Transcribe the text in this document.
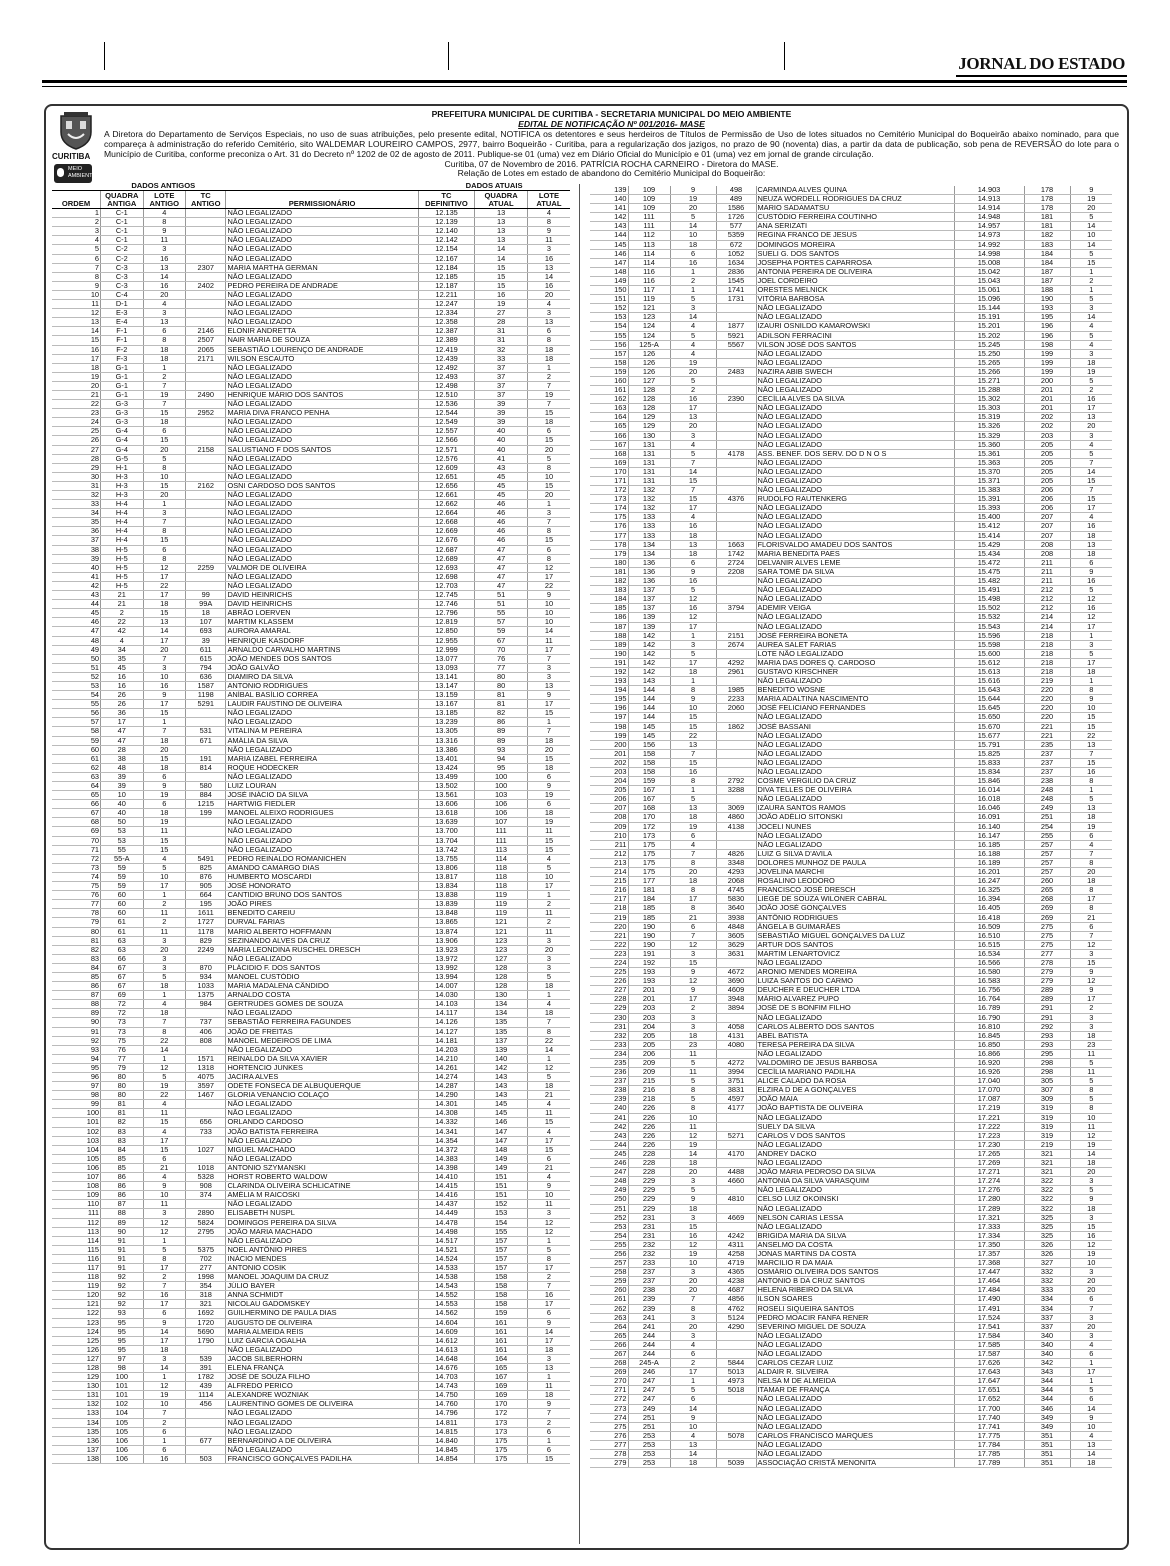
JORNAL DO ESTADO
CURITIBA
MEIO AMBIENTE
PREFEITURA MUNICIPAL DE CURITIBA - SECRETARIA MUNICIPAL DO MEIO AMBIENTE
EDITAL DE NOTIFICAÇÃO Nº 001/2016- MASE
A Diretora do Departamento de Serviços Especiais, no uso de suas atribuições, pelo presente edital, NOTIFICA os detentores e seus herdeiros de Títulos de Permissão de Uso de lotes situados no Cemitério Municipal do Boqueirão abaixo nominado, para que compareça à administração do referido Cemitério, sito WALDEMAR LOUREIRO CAMPOS, 2977, bairro Boqueirão - Curitiba, para a regularização dos jazigos, no prazo de 90 (noventa) dias, a partir da data de publicação, sob pena de REVERSÃO do lote para o Município de Curitiba, conforme preconiza o Art. 31 do Decreto nº 1202 de 02 de agosto de 2011. Publique-se 01 (uma) vez em Diário Oficial do Município e 01 (uma) vez em jornal de grande circulação.
Curitiba, 07 de Novembro de 2016. PATRÍCIA ROCHA CARNEIRO - Diretora do MASE.
Relação de Lotes em estado de abandono do Cemitério Municipal do Boqueirão:
	DADOS ANTIGOS				DADOS ATUAIS		
ORDEM	QUADRA ANTIGA	LOTE ANTIGO	TC ANTIGO	PERMISSIONÁRIO	TC DEFINITIVO	QUADRA ATUAL	LOTE ATUAL
1	C-1	4		NÃO LEGALIZADO	12.135	13	4
2	C-1	8		NÃO LEGALIZADO	12.139	13	8
3	C-1	9		NÃO LEGALIZADO	12.140	13	9
4	C-1	11		NÃO LEGALIZADO	12.142	13	11
5	C-2	3		NÃO LEGALIZADO	12.154	14	3
6	C-2	16		NÃO LEGALIZADO	12.167	14	16
7	C-3	13	2307	MARIA MARTHA GERMAN	12.184	15	13
8	C-3	14		NÃO LEGALIZADO	12.185	15	14
9	C-3	16	2402	PEDRO PEREIRA DE ANDRADE	12.187	15	16
10	C-4	20		NÃO LEGALIZADO	12.211	16	20
11	D-1	4		NÃO LEGALIZADO	12.247	19	4
12	E-3	3		NÃO LEGALIZADO	12.334	27	3
13	E-4	13		NÃO LEGALIZADO	12.358	28	13
14	F-1	6	2146	ELONIR ANDRETTA	12.387	31	6
15	F-1	8	2507	NAIR MARIA DE SOUZA	12.389	31	8
16	F-2	18	2065	SEBASTIÃO LOURENÇO DE ANDRADE	12.419	32	18
17	F-3	18	2171	WILSON ESCAUTO	12.439	33	18
18	G-1	1		NÃO LEGALIZADO	12.492	37	1
19	G-1	2		NÃO LEGALIZADO	12.493	37	2
20	G-1	7		NÃO LEGALIZADO	12.498	37	7
21	G-1	19	2490	HENRIQUE MÁRIO DOS SANTOS	12.510	37	19
22	G-3	7		NÃO LEGALIZADO	12.536	39	7
23	G-3	15	2952	MARIA DIVA FRANCO PENHA	12.544	39	15
24	G-3	18		NÃO LEGALIZADO	12.549	39	18
25	G-4	6		NÃO LEGALIZADO	12.557	40	6
26	G-4	15		NÃO LEGALIZADO	12.566	40	15
27	G-4	20	2158	SALUSTIANO F DOS SANTOS	12.571	40	20
28	G-5	5		NÃO LEGALIZADO	12.576	41	5
29	H-1	8		NÃO LEGALIZADO	12.609	43	8
30	H-3	10		NÃO LEGALIZADO	12.651	45	10
31	H-3	15	2162	OSNI CARDOSO DOS SANTOS	12.656	45	15
32	H-3	20		NÃO LEGALIZADO	12.661	45	20
33	H-4	1		NÃO LEGALIZADO	12.662	46	1
34	H-4	3		NÃO LEGALIZADO	12.664	46	3
35	H-4	7		NÃO LEGALIZADO	12.668	46	7
36	H-4	8		NÃO LEGALIZADO	12.669	46	8
37	H-4	15		NÃO LEGALIZADO	12.676	46	15
38	H-5	6		NÃO LEGALIZADO	12.687	47	6
39	H-5	8		NÃO LEGALIZADO	12.689	47	8
40	H-5	12	2259	VALMOR DE OLIVEIRA	12.693	47	12
41	H-5	17		NÃO LEGALIZADO	12.698	47	17
42	H-5	22		NÃO LEGALIZADO	12.703	47	22
43	21	17	99	DAVID HEINRICHS	12.745	51	9
44	21	18	99A	DAVID HEINRICHS	12.746	51	10
45	2	15	18	ABRÃO LOERVEN	12.796	55	10
46	22	13	107	MARTIM KLASSEM	12.819	57	10
47	42	14	693	AURORA AMARAL	12.850	59	14
48	4	17	39	HENRIQUE KASDORF	12.955	67	11
49	34	20	611	ARNALDO CARVALHO MARTINS	12.999	70	17
50	35	7	615	JOÃO MENDES DOS SANTOS	13.077	76	7
51	45	3	794	JOÃO GALVÃO	13.093	77	3
52	16	10	636	DIAMIRO DA SILVA	13.141	80	3
53	16	16	1587	ANTONIO RODRIGUES	13.147	80	13
54	26	9	1198	ANÍBAL BASÍLIO CORREA	13.159	81	9
55	26	17	5291	LAUDIR FAUSTINO DE OLIVEIRA	13.167	81	17
56	36	15		NÃO LEGALIZADO	13.185	82	15
57	17	1		NÃO LEGALIZADO	13.239	86	1
58	47	7	531	VITALINA M PEREIRA	13.305	89	7
59	47	18	671	AMÁLIA DA SILVA	13.316	89	18
60	28	20		NÃO LEGALIZADO	13.386	93	20
61	38	15	191	MARIA IZABEL FERREIRA	13.401	94	15
62	48	18	814	ROQUE HÖDECKER	13.424	95	18
63	39	6		NÃO LEGALIZADO	13.499	100	6
64	39	9	580	LUIZ LOURAN	13.502	100	9
65	10	19	884	JOSÉ INÁCIO DA SILVA	13.561	103	19
66	40	6	1215	HARTWIG FIEDLER	13.606	106	6
67	40	18	199	MANOEL ALEIXO RODRIGUES	13.618	106	18
68	50	19		NÃO LEGALIZADO	13.639	107	19
69	53	11		NÃO LEGALIZADO	13.700	111	11
70	53	15		NÃO LEGALIZADO	13.704	111	15
71	55	15		NÃO LEGALIZADO	13.742	113	15
72	55-A	4	5491	PEDRO REINALDO ROMANICHEN	13.755	114	4
73	59	5	825	AMANDO CAMARGO DIAS	13.806	118	5
74	59	10	876	HUMBERTO MOSCARDI	13.817	118	10
75	59	17	905	JOSÉ HONORATO	13.834	118	17
76	60	1	664	CANTIDIO BRUNO DOS SANTOS	13.838	119	1
77	60	2	195	JOÃO PIRES	13.839	119	2
78	60	11	1611	BENEDITO CAREIU	13.848	119	11
79	61	2	1727	DURVAL FARIAS	13.865	121	2
80	61	11	1178	MARIO ALBERTO HOFFMANN	13.874	121	11
81	63	3	829	SEZINANDO ALVES DA CRUZ	13.906	123	3
82	63	20	2249	MARIA LEONDINA RUSCHEL DRESCH	13.923	123	20
83	66	3		NÃO LEGALIZADO	13.972	127	3
84	67	3	870	PLÁCIDIO F. DOS SANTOS	13.992	128	3
85	67	5	934	MANOEL CUSTÓDIO	13.994	128	5
86	67	18	1033	MARIA MADALENA CÂNDIDO	14.007	128	18
87	69	1	1375	ARNALDO COSTA	14.030	130	1
88	72	4	984	GERTRUDES GOMES DE SOUZA	14.103	134	4
89	72	18		NÃO LEGALIZADO	14.117	134	18
90	73	7	737	SEBASTIÃO FERREIRA FAGUNDES	14.126	135	7
91	73	8	406	JOÃO DE FREITAS	14.127	135	8
92	75	22	808	MANOEL MEDEIROS DE LIMA	14.181	137	22
93	76	14		NÃO LEGALIZADO	14.203	139	14
94	77	1	1571	REINALDO DA SILVA XAVIER	14.210	140	1
95	79	12	1318	HORTENCIO JUNKES	14.261	142	12
96	80	5	4075	JACIRA ALVES	14.274	143	5
97	80	19	3597	ODETE FONSECA DE ALBUQUERQUE	14.287	143	18
98	80	22	1467	GLORIA VENANCIO COLAÇO	14.290	143	21
99	81	4		NÃO LEGALIZADO	14.301	145	4
100	81	11		NÃO LEGALIZADO	14.308	145	11
101	82	15	656	ORLANDO CARDOSO	14.332	146	15
102	83	4	733	JOÃO BATISTA FERREIRA	14.341	147	4
103	83	17		NÃO LEGALIZADO	14.354	147	17
104	84	15	1027	MIGUEL MACHADO	14.372	148	15
105	85	6		NÃO LEGALIZADO	14.383	149	6
106	85	21	1018	ANTONIO SZYMANSKI	14.398	149	21
107	86	4	5328	HORST ROBERTO WALDOW	14.410	151	4
108	86	9	908	CLARINDA OLIVEIRA SCHLICATINE	14.415	151	9
109	86	10	374	AMÉLIA M RAICOSKI	14.416	151	10
110	87	11		NÃO LEGALIZADO	14.437	152	11
111	88	3	2890	ELISABETH NUSPL	14.449	153	3
112	89	12	5824	DOMINGOS PEREIRA DA SILVA	14.478	154	12
113	90	12	2795	JOÃO MARIA MACHADO	14.498	155	12
114	91	1		NÃO LEGALIZADO	14.517	157	1
115	91	5	5375	NOEL ANTÔNIO PIRES	14.521	157	5
116	91	8	702	INÁCIO MENDES	14.524	157	8
117	91	17	277	ANTONIO COSIK	14.533	157	17
118	92	2	1998	MANOEL JOAQUIM DA CRUZ	14.538	158	2
119	92	7	354	JÚLIO BAYER	14.543	158	7
120	92	16	318	ANNA SCHMIDT	14.552	158	16
121	92	17	321	NICOLAU GADOMSKEY	14.553	158	17
122	93	6	1692	GUILHERMINO DE PAULA DIAS	14.562	159	6
123	95	9	1720	AUGUSTO DE OLIVEIRA	14.604	161	9
124	95	14	5690	MARIA ALMEIDA REIS	14.609	161	14
125	95	17	1790	LUIZ GARCIA OGALHA	14.612	161	17
126	95	18		NÃO LEGALIZADO	14.613	161	18
127	97	3	539	JACOB SILBERHORN	14.648	164	3
128	98	14	391	ELENA FRANÇA	14.676	165	13
129	100	1	1782	JOSÉ DE SOUZA FILHO	14.703	167	1
130	101	12	439	ALFREDO PERICO	14.743	169	11
131	101	19	1114	ALEXANDRE WOZNIAK	14.750	169	18
132	102	10	456	LAURENTINO GOMES DE OLIVEIRA	14.760	170	9
133	104	7		NÃO LEGALIZADO	14.796	172	7
134	105	2		NÃO LEGALIZADO	14.811	173	2
135	105	6		NÃO LEGALIZADO	14.815	173	6
136	106	1	677	BERNARDINO A DE OLIVEIRA	14.840	175	1
137	106	6		NÃO LEGALIZADO	14.845	175	6
138	106	16	503	FRANCISCO GONÇALVES PADILHA	14.854	175	15
139	109	9	498	CARMINDA ALVES QUINA	14.903	178	9
140	109	19	489	NEUZA WORDELL RODRIGUES DA CRUZ	14.913	178	19
141	109	20	1586	MARIO SADAMATSU	14.914	178	20
142	111	5	1726	CUSTÓDIO FERREIRA COUTINHO	14.948	181	5
143	111	14	577	ANA SERIZATI	14.957	181	14
144	112	10	5359	REGINA FRANCO DE JESUS	14.973	182	10
145	113	18	672	DOMINGOS MOREIRA	14.992	183	14
146	114	6	1052	SUELI G. DOS SANTOS	14.998	184	5
147	114	16	1634	JOSEPHA PORTES CAPARROSA	15.008	184	15
148	116	1	2836	ANTONIA PEREIRA DE OLIVEIRA	15.042	187	1
149	116	2	1545	JOEL CORDEIRO	15.043	187	2
150	117	1	1741	ORESTES MELNICK	15.061	188	1
151	119	5	1731	VITÓRIA BARBOSA	15.096	190	5
152	121	3		NÃO LEGALIZADO	15.144	193	3
153	123	14		NÃO LEGALIZADO	15.191	195	14
154	124	4	1877	IZAURI OSNILDO KAMAROWSKI	15.201	196	4
155	124	5	5921	ADILSON FERRACINI	15.202	196	5
156	125-A	4	5567	VILSON JOSÉ DOS SANTOS	15.245	198	4
157	126	4		NÃO LEGALIZADO	15.250	199	3
158	126	19		NÃO LEGALIZADO	15.265	199	18
159	126	20	2483	NAZIRA ABIB SWECH	15.266	199	19
160	127	5		NÃO LEGALIZADO	15.271	200	5
161	128	2		NÃO LEGALIZADO	15.288	201	2
162	128	16	2390	CECÍLIA ALVES DA SILVA	15.302	201	16
163	128	17		NÃO LEGALIZADO	15.303	201	17
164	129	13		NÃO LEGALIZADO	15.319	202	13
165	129	20		NÃO LEGALIZADO	15.326	202	20
166	130	3		NÃO LEGALIZADO	15.329	203	3
167	131	4		NÃO LEGALIZADO	15.360	205	4
168	131	5	4178	ASS. BENEF. DOS SERV. DO D N O S	15.361	205	5
169	131	7		NÃO LEGALIZADO	15.363	205	7
170	131	14		NÃO LEGALIZADO	15.370	205	14
171	131	15		NÃO LEGALIZADO	15.371	205	15
172	132	7		NÃO LEGALIZADO	15.383	206	7
173	132	15	4376	RUDOLFO RAUTENKERG	15.391	206	15
174	132	17		NÃO LEGALIZADO	15.393	206	17
175	133	4		NÃO LEGALIZADO	15.400	207	4
176	133	16		NÃO LEGALIZADO	15.412	207	16
177	133	18		NÃO LEGALIZADO	15.414	207	18
178	134	13	1663	FLORISVALDO AMADEU DOS SANTOS	15.429	208	13
179	134	18	1742	MARIA BENEDITA PAES	15.434	208	18
180	136	6	2724	DELVANIR ALVES LEME	15.472	211	6
181	136	9	2208	SARA TOMÉ DA SILVA	15.475	211	9
182	136	16		NÃO LEGALIZADO	15.482	211	16
183	137	5		NÃO LEGALIZADO	15.491	212	5
184	137	12		NÃO LEGALIZADO	15.498	212	12
185	137	16	3794	ADEMIR VEIGA	15.502	212	16
186	139	12		NÃO LEGALIZADO	15.532	214	12
187	139	17		NÃO LEGALIZADO	15.543	214	17
188	142	1	2151	JOSÉ FERREIRA BONETA	15.596	218	1
189	142	3	2674	AUREA SALET FARIAS	15.598	218	3
190	142	5		LOTE NÃO LEGALIZADO	15.600	218	5
191	142	17	4292	MARIA DAS DORES Q. CARDOSO	15.612	218	17
192	142	18	2961	GUSTAVO KIRSCHNER	15.613	218	18
193	143	1		NÃO LEGALIZADO	15.616	219	1
194	144	8	1985	BENEDITO WOSNE	15.643	220	8
195	144	9	2233	MARIA ADALTINA NASCIMENTO	15.644	220	9
196	144	10	2060	JOSÉ FELICIANO FERNANDES	15.645	220	10
197	144	15		NÃO LEGALIZADO	15.650	220	15
198	145	15	1862	JOSÉ BASSANI	15.670	221	15
199	145	22		NÃO LEGALIZADO	15.677	221	22
200	156	13		NÃO LEGALIZADO	15.791	235	13
201	158	7		NÃO LEGALIZADO	15.825	237	7
202	158	15		NÃO LEGALIZADO	15.833	237	15
203	158	16		NÃO LEGALIZADO	15.834	237	16
204	159	8	2792	COSME VERGILIO DA CRUZ	15.846	238	8
205	167	1	3288	DIVA TELLES DE OLIVEIRA	16.014	248	1
206	167	5		NÃO LEGALIZADO	16.018	248	5
207	168	13	3069	IZAURA SANTOS RAMOS	16.046	249	13
208	170	18	4860	JOÃO ADÉLIO SITONSKI	16.091	251	18
209	172	19	4138	JOCELI NUNES	16.140	254	19
210	173	6		NÃO LEGALIZADO	16.147	255	6
211	175	4		NÃO LEGALIZADO	16.185	257	4
212	175	7	4826	LUIZ G SILVA D'AVILA	16.188	257	7
213	175	8	3348	DOLORES MUNHOZ DE PAULA	16.189	257	8
214	175	20	4293	JOVELINA MARCHI	16.201	257	20
215	177	18	2068	ROSALINO LEODORO	16.247	260	18
216	181	8	4745	FRANCISCO JOSÉ DRESCH	16.325	265	8
217	184	17	5830	LIEGE DE SOUZA WILONER CABRAL	16.394	268	17
218	185	8	3640	JOÃO JOSÉ GONÇALVES	16.405	269	8
219	185	21	3938	ANTÔNIO RODRIGUES	16.418	269	21
220	190	6	4848	ÂNGELA B GUIMARÃES	16.509	275	6
221	190	7	3605	SEBASTIÃO MIGUEL GONÇALVES DA LUZ	16.510	275	7
222	190	12	3629	ARTUR DOS SANTOS	16.515	275	12
223	191	3	3631	MARTIM LENARTOVICZ	16.534	277	3
224	192	15		NÃO LEGALIZADO	16.566	278	15
225	193	9	4672	ARONIO MENDES MOREIRA	16.580	279	9
226	193	12	3690	LUIZA SANTOS DO CARMO	16.583	279	12
227	201	9	4609	DEUCHER E DEUCHER LTDA	16.756	289	9
228	201	17	3948	MÁRIO ALVAREZ PUPO	16.764	289	17
229	203	2	3894	JOSÉ DE S BONFIM FILHO	16.789	291	2
230	203	3		NÃO LEGALIZADO	16.790	291	3
231	204	3	4058	CARLOS ALBERTO DOS SANTOS	16.810	292	3
232	205	18	4131	ABEL BATISTA	16.845	293	18
233	205	23	4080	TERESA PEREIRA DA SILVA	16.850	293	23
234	206	11		NÃO LEGALIZADO	16.866	295	11
235	209	5	4272	VALDOMIRO DE JESUS BARBOSA	16.920	298	5
236	209	11	3994	CECÍLIA MARIANO PADILHA	16.926	298	11
237	215	5	3751	ALICE CALADO DA ROSA	17.040	305	5
238	216	8	3831	ELZIRA D DE A GONÇALVES	17.070	307	8
239	218	5	4597	JOÃO MAIA	17.087	309	5
240	226	8	4177	JOÃO BAPTISTA DE OLIVEIRA	17.219	319	8
241	226	10		NÃO LEGALIZADO	17.221	319	10
242	226	11		SUELY DA SILVA	17.222	319	11
243	226	12	5271	CARLOS V DOS SANTOS	17.223	319	12
244	226	19		NÃO LEGALIZADO	17.230	219	19
245	228	14	4170	ANDREY DACKO	17.265	321	14
246	228	18		NÃO LEGALIZADO	17.269	321	18
247	228	20	4488	JOÃO MARIA PEDROSO DA SILVA	17.271	321	20
248	229	3	4660	ANTONIA DA SILVA VARASQUIM	17.274	322	3
249	229	5		NÃO LEGALIZADO	17.276	322	5
250	229	9	4810	CELSO LUIZ OKOINSKI	17.280	322	9
251	229	18		NÃO LEGALIZADO	17.289	322	18
252	231	3	4669	NELSON CARIAS LESSA	17.321	325	3
253	231	15		NÃO LEGALIZADO	17.333	325	15
254	231	16	4242	BRIGIDA MARIA DA SILVA	17.334	325	16
255	232	12	4311	ANSELMO DA COSTA	17.350	326	12
256	232	19	4258	JONAS MARTINS DA COSTA	17.357	326	19
257	233	10	4719	MARCILIO R DA MAIA	17.368	327	10
258	237	3	4365	OSMÁRIO OLIVEIRA DOS SANTOS	17.447	332	3
259	237	20	4238	ANTONIO B DA CRUZ SANTOS	17.464	332	20
260	238	20	4687	HELENA RIBEIRO DA SILVA	17.484	333	20
261	239	7	4856	ILSON SOARES	17.490	334	6
262	239	8	4762	ROSELI SIQUEIRA SANTOS	17.491	334	7
263	241	3	5124	PEDRO MOACIR FANFA RENER	17.524	337	3
264	241	20	4290	SEVERINO MIGUEL DE SOUZA	17.541	337	20
265	244	3		NÃO LEGALIZADO	17.584	340	3
266	244	4		NÃO LEGALIZADO	17.585	340	4
267	244	6		NÃO LEGALIZADO	17.587	340	6
268	245-A	2	5844	CARLOS CEZAR LUIZ	17.626	342	1
269	246	17	5013	ALDAIR R. SILVEIRA	17.643	343	17
270	247	1	4973	NELSA M DE ALMEIDA	17.647	344	1
271	247	5	5018	ITAMAR DE FRANÇA	17.651	344	5
272	247	6		NÃO LEGALIZADO	17.652	344	6
273	249	14		NÃO LEGALIZADO	17.700	346	14
274	251	9		NÃO LEGALIZADO	17.740	349	9
275	251	10		NÃO LEGALIZADO	17.741	349	10
276	253	4	5078	CARLOS FRANCISCO MARQUES	17.775	351	4
277	253	13		NÃO LEGALIZADO	17.784	351	13
278	253	14		NÃO LEGALIZADO	17.785	351	14
279	253	18	5039	ASSOCIAÇÃO CRISTÃ MENONITA	17.789	351	18
